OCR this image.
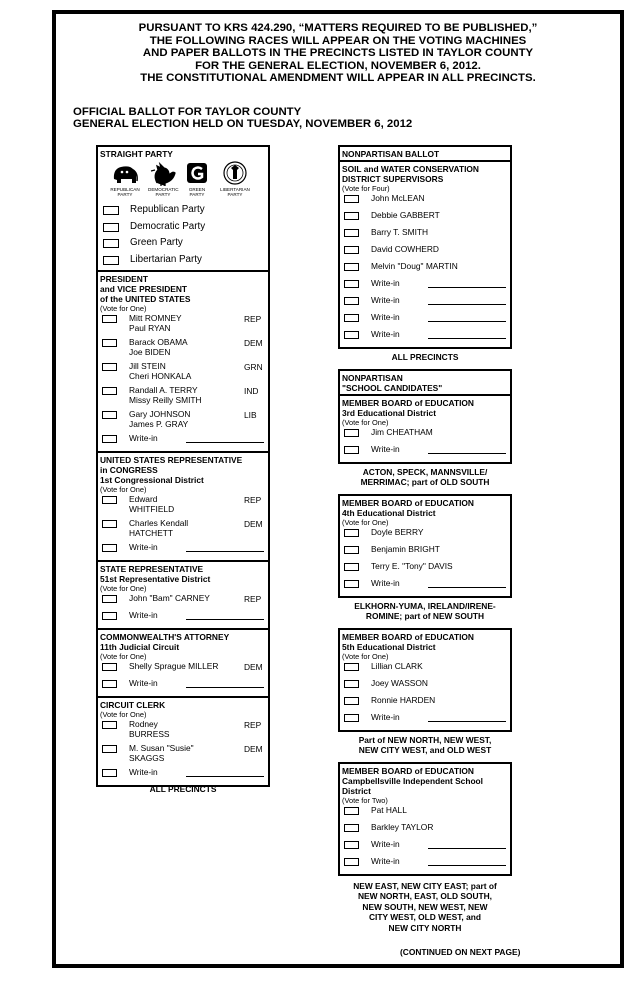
PURSUANT TO KRS 424.290, “MATTERS REQUIRED TO BE PUBLISHED,”
THE FOLLOWING RACES WILL APPEAR ON THE VOTING MACHINES
AND PAPER BALLOTS IN THE PRECINCTS LISTED IN TAYLOR COUNTY
FOR THE GENERAL ELECTION, NOVEMBER 6, 2012.
THE CONSTITUTIONAL AMENDMENT WILL APPEAR IN ALL PRECINCTS.
OFFICIAL BALLOT FOR TAYLOR COUNTY
GENERAL ELECTION HELD ON TUESDAY, NOVEMBER 6, 2012
STRAIGHT PARTY
REPUBLICAN PARTY
DEMOCRATIC PARTY
GREEN PARTY
LIBERTARIAN PARTY
Republican Party
Democratic Party
Green Party
Libertarian Party
PRESIDENT
and VICE PRESIDENT
of the UNITED STATES
(Vote for One)
Mitt ROMNEY
Paul RYAN
REP
Barack OBAMA
Joe BIDEN
DEM
Jill STEIN
Cheri HONKALA
GRN
Randall A. TERRY
Missy Reilly SMITH
IND
Gary JOHNSON
James P. GRAY
LIB
Write-in
UNITED STATES REPRESENTATIVE
in CONGRESS
1st Congressional District
(Vote for One)
Edward
WHITFIELD
REP
Charles Kendall
HATCHETT
DEM
Write-in
STATE REPRESENTATIVE
51st Representative District
(Vote for One)
John "Bam" CARNEY	REP
Write-in
COMMONWEALTH'S ATTORNEY
11th Judicial Circuit
(Vote for One)
Shelly Sprague MILLER	DEM
Write-in
CIRCUIT CLERK
(Vote for One)
Rodney
BURRESS
REP
M. Susan "Susie"
SKAGGS
DEM
Write-in
ALL PRECINCTS
NONPARTISAN BALLOT
SOIL and WATER CONSERVATION
DISTRICT SUPERVISORS
(Vote for Four)
John McLEAN
Debbie GABBERT
Barry T. SMITH
David COWHERD
Melvin "Doug" MARTIN
Write-in
Write-in
Write-in
Write-in
ALL PRECINCTS
NONPARTISAN
"SCHOOL CANDIDATES"
MEMBER BOARD of EDUCATION
3rd Educational District
(Vote for One)
Jim CHEATHAM
Write-in
ACTON, SPECK, MANNSVILLE/
MERRIMAC; part of OLD SOUTH
MEMBER BOARD of EDUCATION
4th Educational District
(Vote for One)
Doyle BERRY
Benjamin BRIGHT
Terry E. "Tony" DAVIS
Write-in
ELKHORN-YUMA, IRELAND/IRENE-
ROMINE; part of NEW SOUTH
MEMBER BOARD of EDUCATION
5th Educational District
(Vote for One)
Lillian CLARK
Joey WASSON
Ronnie HARDEN
Write-in
Part of NEW NORTH, NEW WEST,
NEW CITY WEST, and OLD WEST
MEMBER BOARD of EDUCATION
Campbellsville Independent School
District
(Vote for Two)
Pat HALL
Barkley TAYLOR
Write-in
Write-in
NEW EAST, NEW CITY EAST; part of
NEW NORTH, EAST, OLD SOUTH,
NEW SOUTH, NEW WEST, NEW
CITY WEST, OLD WEST, and
NEW CITY NORTH
(CONTINUED ON NEXT PAGE)
